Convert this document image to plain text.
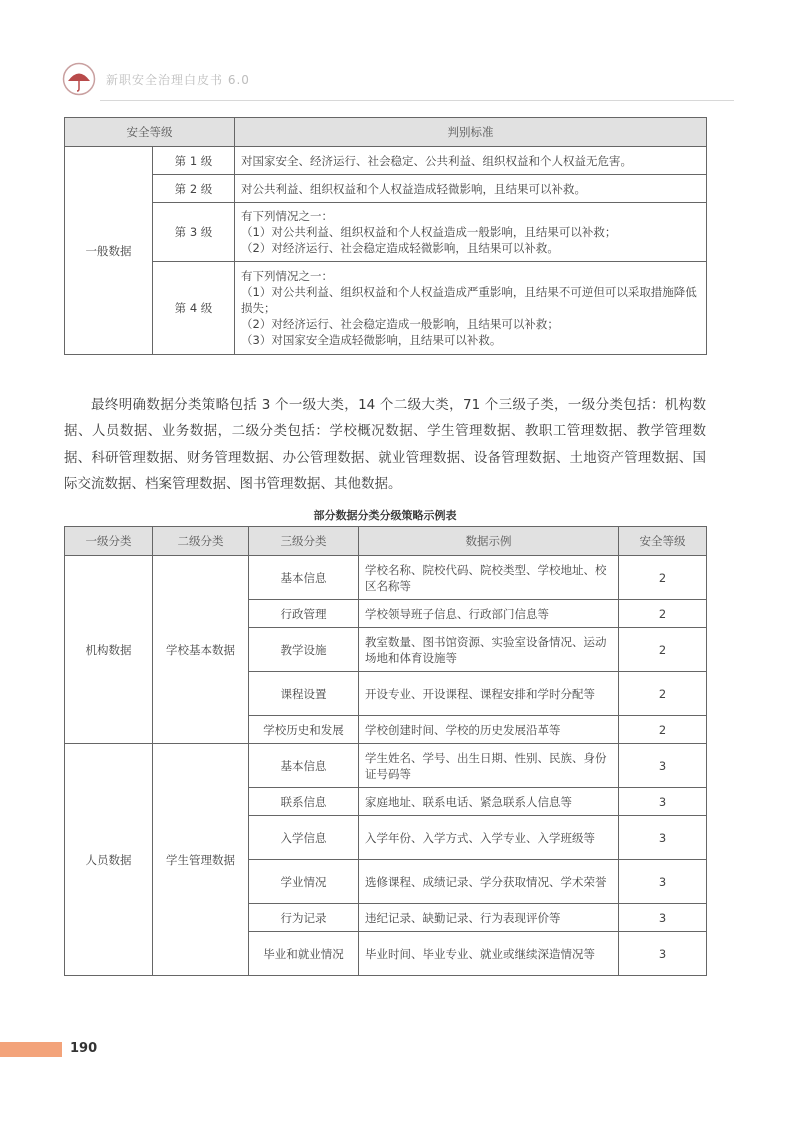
新职安全治理白皮书 6.0
安全等级		判别标准
一般数据	第 1 级	对国家安全、经济运行、社会稳定、公共利益、组织权益和个人权益无危害。

	第 2 级	对公共利益、组织权益和个人权益造成轻微影响，且结果可以补救。

	第 3 级	有下列情况之一：
（1）对公共利益、组织权益和个人权益造成一般影响，且结果可以补救；
（2）对经济运行、社会稳定造成轻微影响，且结果可以补救。

	第 4 级	有下列情况之一：
（1）对公共利益、组织权益和个人权益造成严重影响，且结果不可逆但可以采取措施降低损失；
（2）对经济运行、社会稳定造成一般影响，且结果可以补救；
（3）对国家安全造成轻微影响，且结果可以补救。

最终明确数据分类策略包括 3 个一级大类，14 个二级大类，71 个三级子类，一级分类包括：机构数据、人员数据、业务数据，二级分类包括：学校概况数据、学生管理数据、教职工管理数据、教学管理数据、科研管理数据、财务管理数据、办公管理数据、就业管理数据、设备管理数据、土地资产管理数据、国际交流数据、档案管理数据、图书管理数据、其他数据。

部分数据分类分级策略示例表
一级分类	二级分类	三级分类	数据示例	安全等级
机构数据	学校基本数据	基本信息	学校名称、院校代码、院校类型、学校地址、校区名称等	2
		行政管理	学校领导班子信息、行政部门信息等	2
		教学设施	教室数量、图书馆资源、实验室设备情况、运动场地和体育设施等	2
		课程设置	开设专业、开设课程、课程安排和学时分配等	2
		学校历史和发展	学校创建时间、学校的历史发展沿革等	2
人员数据	学生管理数据	基本信息	学生姓名、学号、出生日期、性别、民族、身份证号码等	3
		联系信息	家庭地址、联系电话、紧急联系人信息等	3
		入学信息	入学年份、入学方式、入学专业、入学班级等	3
		学业情况	选修课程、成绩记录、学分获取情况、学术荣誉	3
		行为记录	违纪记录、缺勤记录、行为表现评价等	3
		毕业和就业情况	毕业时间、毕业专业、就业或继续深造情况等	3
190
